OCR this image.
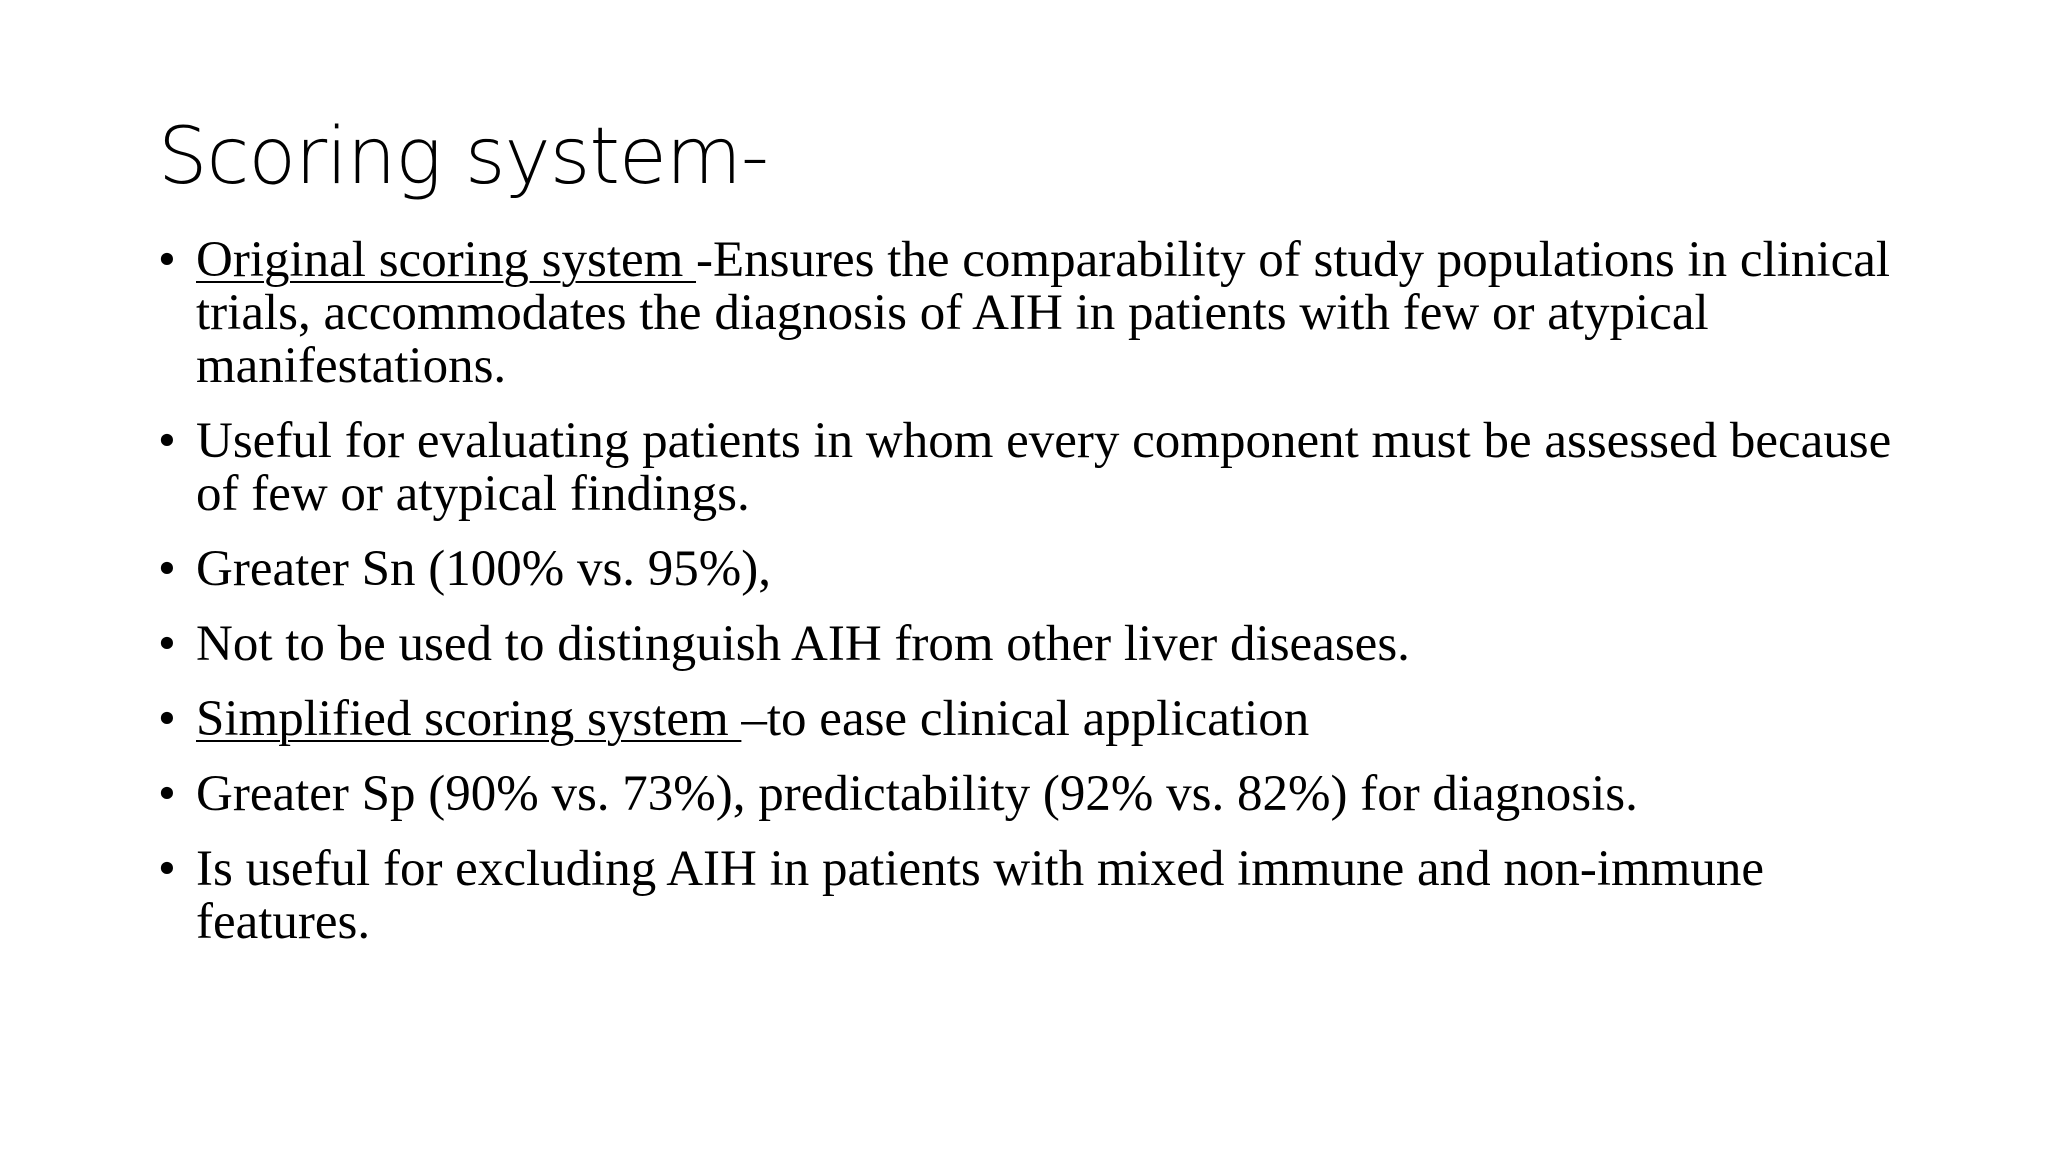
Scoring system-
• Original scoring system -Ensures the comparability of study populations in clinical trials, accommodates the diagnosis of AIH in patients with few or atypical manifestations.
• Useful for evaluating patients in whom every component must be assessed because of few or atypical findings.
• Greater Sn (100% vs. 95%),
• Not to be used to distinguish AIH from other liver diseases.
• Simplified scoring system –to ease clinical application
• Greater Sp (90% vs. 73%), predictability (92% vs. 82%) for diagnosis.
• Is useful for excluding AIH in patients with mixed immune and non-immune features.
